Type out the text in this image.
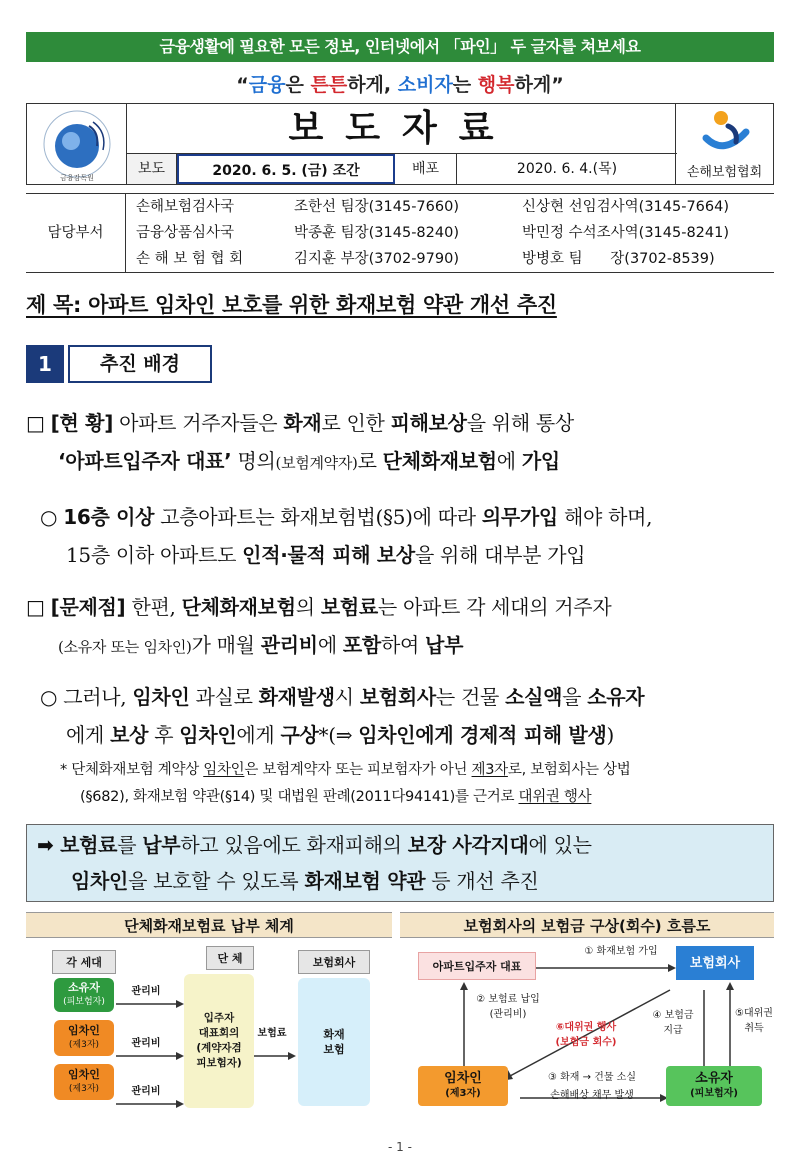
금융생활에 필요한 모든 정보, 인터넷에서 「파인」 두 글자를 쳐보세요
“금융은 튼튼하게, 소비자는 행복하게”
금융감독원
보도자료
보도	2020. 6. 5. (금) 조간	배포	2020. 6. 4.(목)	손해보험협회
담당부서
손해보험검사국	조한선 팀장(3145-7660)	신상현 선임검사역(3145-7664)
금융상품심사국	박종훈 팀장(3145-8240)	박민정 수석조사역(3145-8241)
손 해 보 험 협 회	김지훈 부장(3702-9790)	방병호 팀      장(3702-8539)
제 목: 아파트 임차인 보호를 위한 화재보험 약관 개선 추진
1	추진 배경
□ [현 황] 아파트 거주자들은 화재로 인한 피해보상을 위해 통상
‘아파트입주자 대표’ 명의(보험계약자)로 단체화재보험에 가입
○ 16층 이상 고층아파트는 화재보험법(§5)에 따라 의무가입 해야 하며,
15층 이하 아파트도 인적·물적 피해 보상을 위해 대부분 가입
□ [문제점] 한편, 단체화재보험의 보험료는 아파트 각 세대의 거주자
(소유자 또는 임차인)가 매월 관리비에 포함하여 납부
○ 그러나, 임차인 과실로 화재발생시 보험회사는 건물 소실액을 소유자
에게 보상 후 임차인에게 구상*(⇒ 임차인에게 경제적 피해 발생)
* 단체화재보험 계약상 임차인은 보험계약자 또는 피보험자가 아닌 제3자로, 보험회사는 상법
(§682), 화재보험 약관(§14) 및 대법원 판례(2011다94141)를 근거로 대위권 행사
➡ 보험료를 납부하고 있음에도 화재피해의 보장 사각지대에 있는
임차인을 보호할 수 있도록 화재보험 약관 등 개선 추진
단체화재보험료 납부 체계
각 세대	단 체	보험회사
소유자
(피보험자)
임차인
(제3자)
임차인
(제3자)
관리비
관리비
관리비
입주자
대표회의
(계약자겸
피보험자)
보험료	화재
보험
보험회사의 보험금 구상(회수) 흐름도
아파트입주자 대표	보험회사
임차인
(제3자)
소유자
(피보험자)
① 화재보험 가입
② 보험료 납입
(관리비)
⑥대위권 행사
(보험금 회수)
④ 보험금
지급
⑤대위권
취득
③ 화재 → 건물 소실
손해배상 채무 발생
- 1 -
